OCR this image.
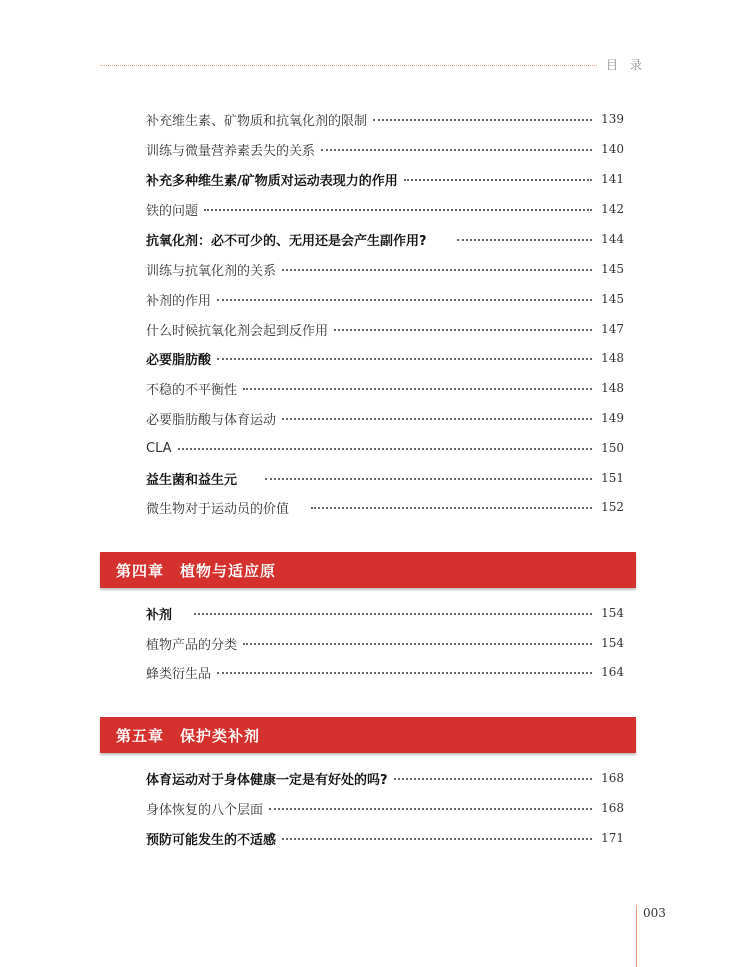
目 录
补充维生素、矿物质和抗氧化剂的限制	139
训练与微量营养素丢失的关系	140
补充多种维生素/矿物质对运动表现力的作用	141
铁的问题	142
抗氧化剂：必不可少的、无用还是会产生副作用?	144
训练与抗氧化剂的关系	145
补剂的作用	145
什么时候抗氧化剂会起到反作用	147
必要脂肪酸	148
不稳的不平衡性	148
必要脂肪酸与体育运动	149
CLA	150
益生菌和益生元	151
微生物对于运动员的价值	152
第四章　植物与适应原
补剂	154
植物产品的分类	154
蜂类衍生品	164
第五章　保护类补剂
体育运动对于身体健康一定是有好处的吗?	168
身体恢复的八个层面	168
预防可能发生的不适感	171
003
